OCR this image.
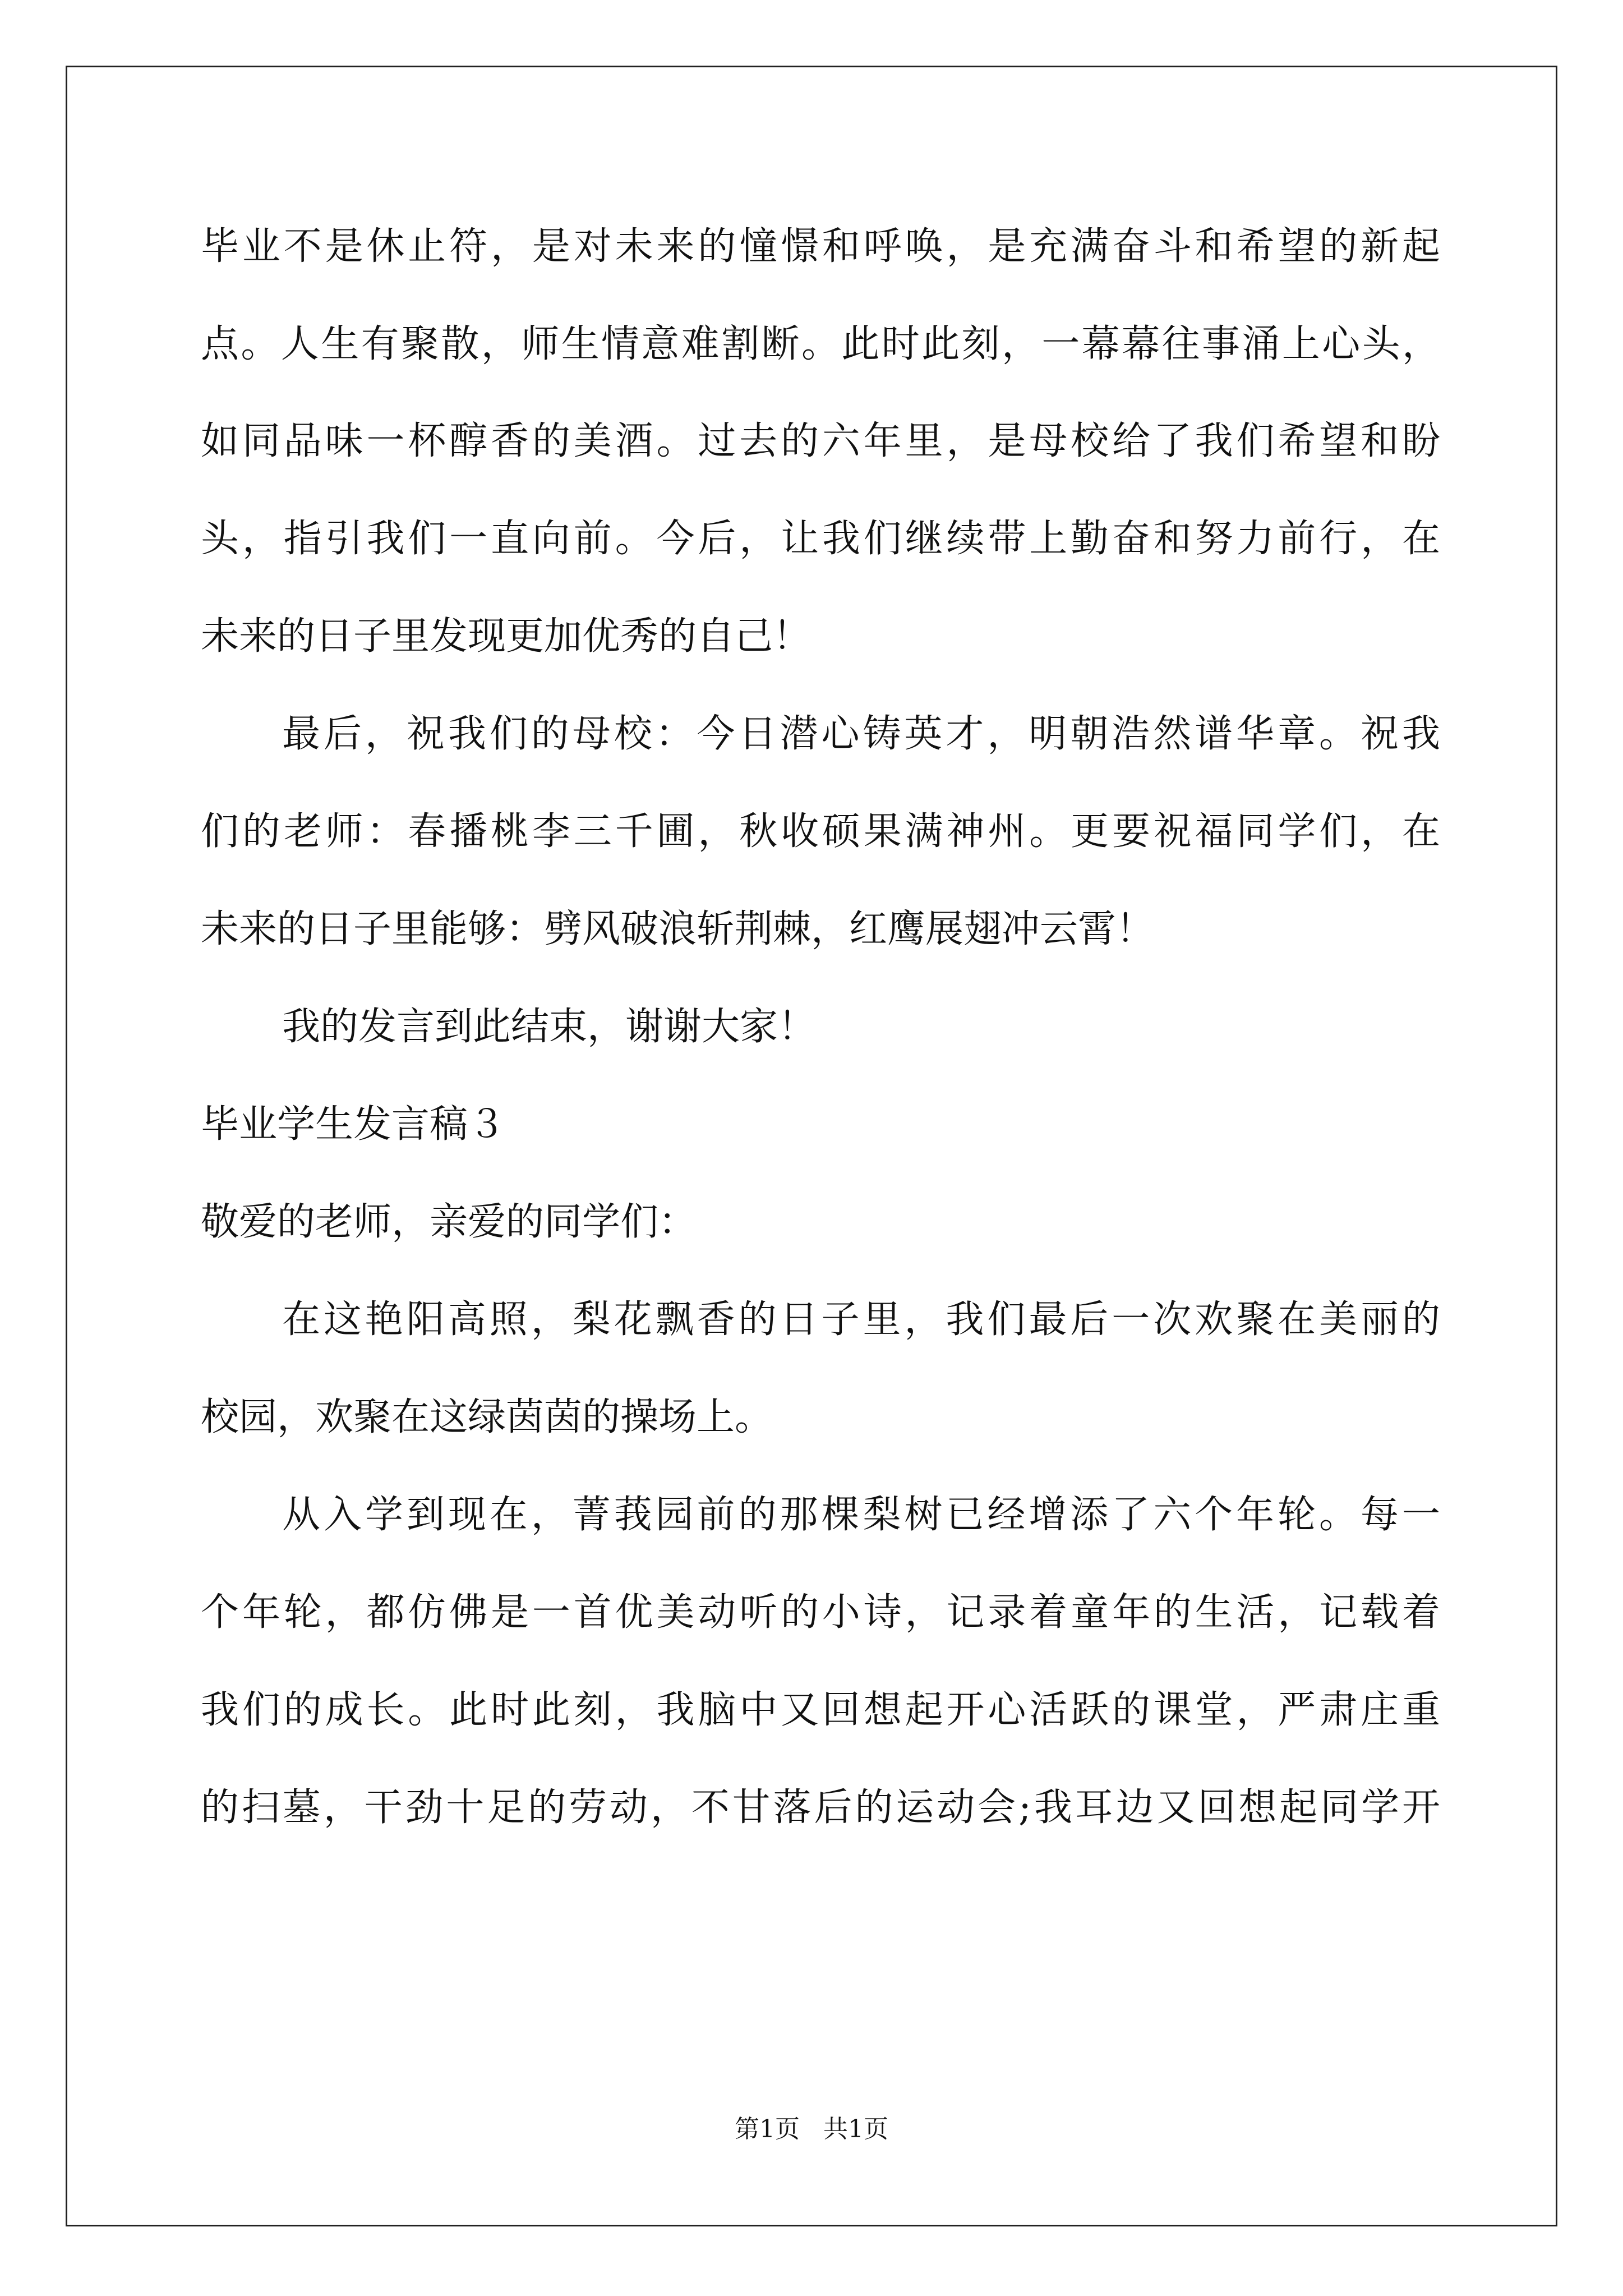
毕业不是休止符，是对未来的憧憬和呼唤，是充满奋斗和希望的新起
点。人生有聚散，师生情意难割断。此时此刻，一幕幕往事涌上心头，
如同品味一杯醇香的美酒。过去的六年里，是母校给了我们希望和盼
头，指引我们一直向前。今后，让我们继续带上勤奋和努力前行，在
未来的日子里发现更加优秀的自己！
最后，祝我们的母校：今日潜心铸英才，明朝浩然谱华章。祝我
们的老师：春播桃李三千圃，秋收硕果满神州。更要祝福同学们，在
未来的日子里能够：劈风破浪斩荆棘，红鹰展翅冲云霄！
我的发言到此结束，谢谢大家！
毕业学生发言稿３
敬爱的老师，亲爱的同学们：
在这艳阳高照，梨花飘香的日子里，我们最后一次欢聚在美丽的
校园，欢聚在这绿茵茵的操场上。
从入学到现在，菁莪园前的那棵梨树已经增添了六个年轮。每一
个年轮，都仿佛是一首优美动听的小诗，记录着童年的生活，记载着
我们的成长。此时此刻，我脑中又回想起开心活跃的课堂，严肃庄重
的扫墓，干劲十足的劳动，不甘落后的运动会;我耳边又回想起同学开
第1页   共1页
